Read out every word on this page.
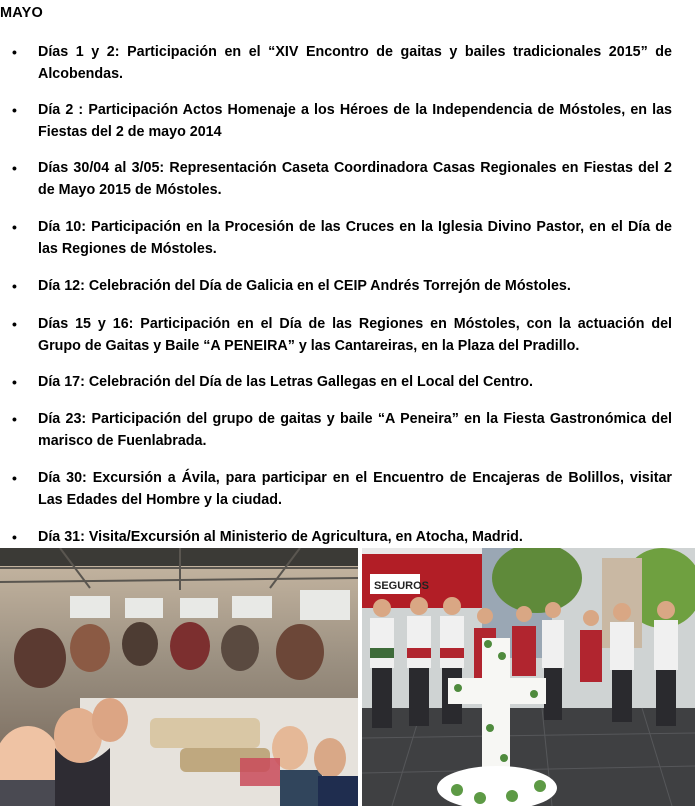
MAYO
• Días 1 y 2: Participación en el “XIV Encontro de gaitas y bailes tradicionales 2015” de Alcobendas.
• Día 2 : Participación Actos Homenaje a los Héroes de la Independencia de Móstoles, en las Fiestas del 2 de mayo 2014
• Días 30/04 al 3/05: Representación Caseta Coordinadora Casas Regionales en Fiestas del 2 de Mayo 2015 de Móstoles.
• Día 10: Participación en la Procesión de las Cruces en la Iglesia Divino Pastor, en el Día de las Regiones de Móstoles.
• Día 12: Celebración del Día de Galicia en el CEIP Andrés Torrejón de Móstoles.
• Días 15 y 16: Participación en el Día de las Regiones en Móstoles, con la actuación del Grupo de Gaitas y Baile “A PENEIRA” y las Cantareiras, en la Plaza del Pradillo.
• Día 17: Celebración del Día de las Letras Gallegas en el Local del Centro.
• Día 23: Participación del grupo de gaitas y baile “A Peneira” en la Fiesta Gastronómica del marisco de Fuenlabrada.
• Día 30: Excursión a Ávila, para participar en el Encuentro de Encajeras de Bolillos, visitar Las Edades del Hombre y la ciudad.
• Día 31: Visita/Excursión al Ministerio de Agricultura, en Atocha, Madrid.
SEGUROS
